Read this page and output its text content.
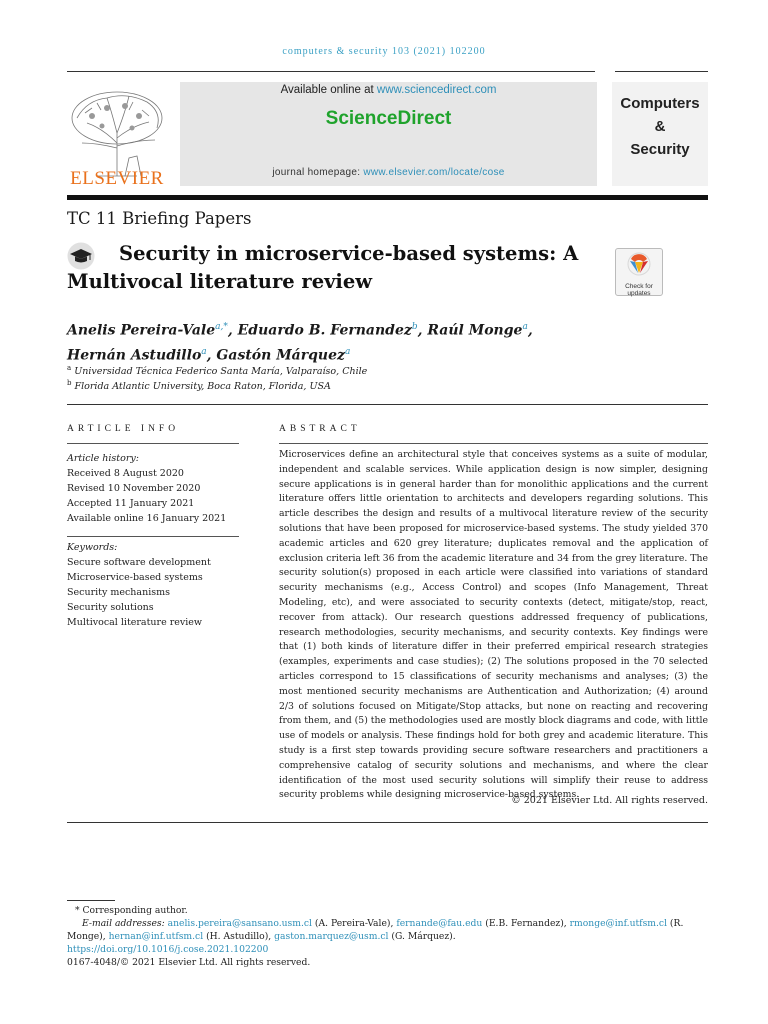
computers & security 103 (2021) 102200
ELSEVIER
Available online at www.sciencedirect.com
ScienceDirect
journal homepage: www.elsevier.com/locate/cose
Computers
&
Security
TC 11 Briefing Papers
Security in microservice-based systems: A Multivocal literature review	Check for
updates
Anelis Pereira-Vale$^{a,*}$, Eduardo B. Fernandez$^b$, Raúl Monge$^a$,
Hernán Astudillo$^a$, Gastón Márquez$^a$
$^a$ Universidad Técnica Federico Santa María, Valparaíso, Chile
$^b$ Florida Atlantic University, Boca Raton, Florida, USA
ARTICLE INFO
Article history:
Received 8 August 2020
Revised 10 November 2020
Accepted 11 January 2021
Available online 16 January 2021
Keywords:
Secure software development
Microservice-based systems
Security mechanisms
Security solutions
Multivocal literature review
ABSTRACT
Microservices define an architectural style that conceives systems as a suite of modular, independent and scalable services. While application design is now simpler, designing secure applications is in general harder than for monolithic applications and the current literature offers little orientation to architects and developers regarding solutions. This article describes the design and results of a multivocal literature review of the security solutions that have been proposed for microservice-based systems. The study yielded 370 academic articles and 620 grey literature; duplicates removal and the application of exclusion criteria left 36 from the academic literature and 34 from the grey literature. The security solution(s) proposed in each article were classified into variations of standard security mechanisms (e.g., Access Control) and scopes (Info Management, Threat Modeling, etc), and were associated to security contexts (detect, mitigate/stop, react, recover from attack). Our research questions addressed frequency of publications, research methodologies, security mechanisms, and security contexts. Key findings were that (1) both kinds of literature differ in their preferred empirical research strategies (examples, experiments and case studies); (2) The solutions proposed in the 70 selected articles correspond to 15 classifications of security mechanisms and analyses; (3) the most mentioned security mechanisms are Authentication and Authorization; (4) around 2/3 of solutions focused on Mitigate/Stop attacks, but none on reacting and recovering from them, and (5) the methodologies used are mostly block diagrams and code, with little use of models or analysis. These findings hold for both grey and academic literature. This study is a first step towards providing secure software researchers and practitioners a comprehensive catalog of security solutions and mechanisms, and where the clear identification of the most used security solutions will simplify their reuse to address security problems while designing microservice-based systems.
© 2021 Elsevier Ltd. All rights reserved.
* Corresponding author.
E-mail addresses: anelis.pereira@sansano.usm.cl (A. Pereira-Vale), fernande@fau.edu (E.B. Fernandez), rmonge@inf.utfsm.cl (R. Monge), hernan@inf.utfsm.cl (H. Astudillo), gaston.marquez@usm.cl (G. Márquez).
https://doi.org/10.1016/j.cose.2021.102200
0167-4048/© 2021 Elsevier Ltd. All rights reserved.
